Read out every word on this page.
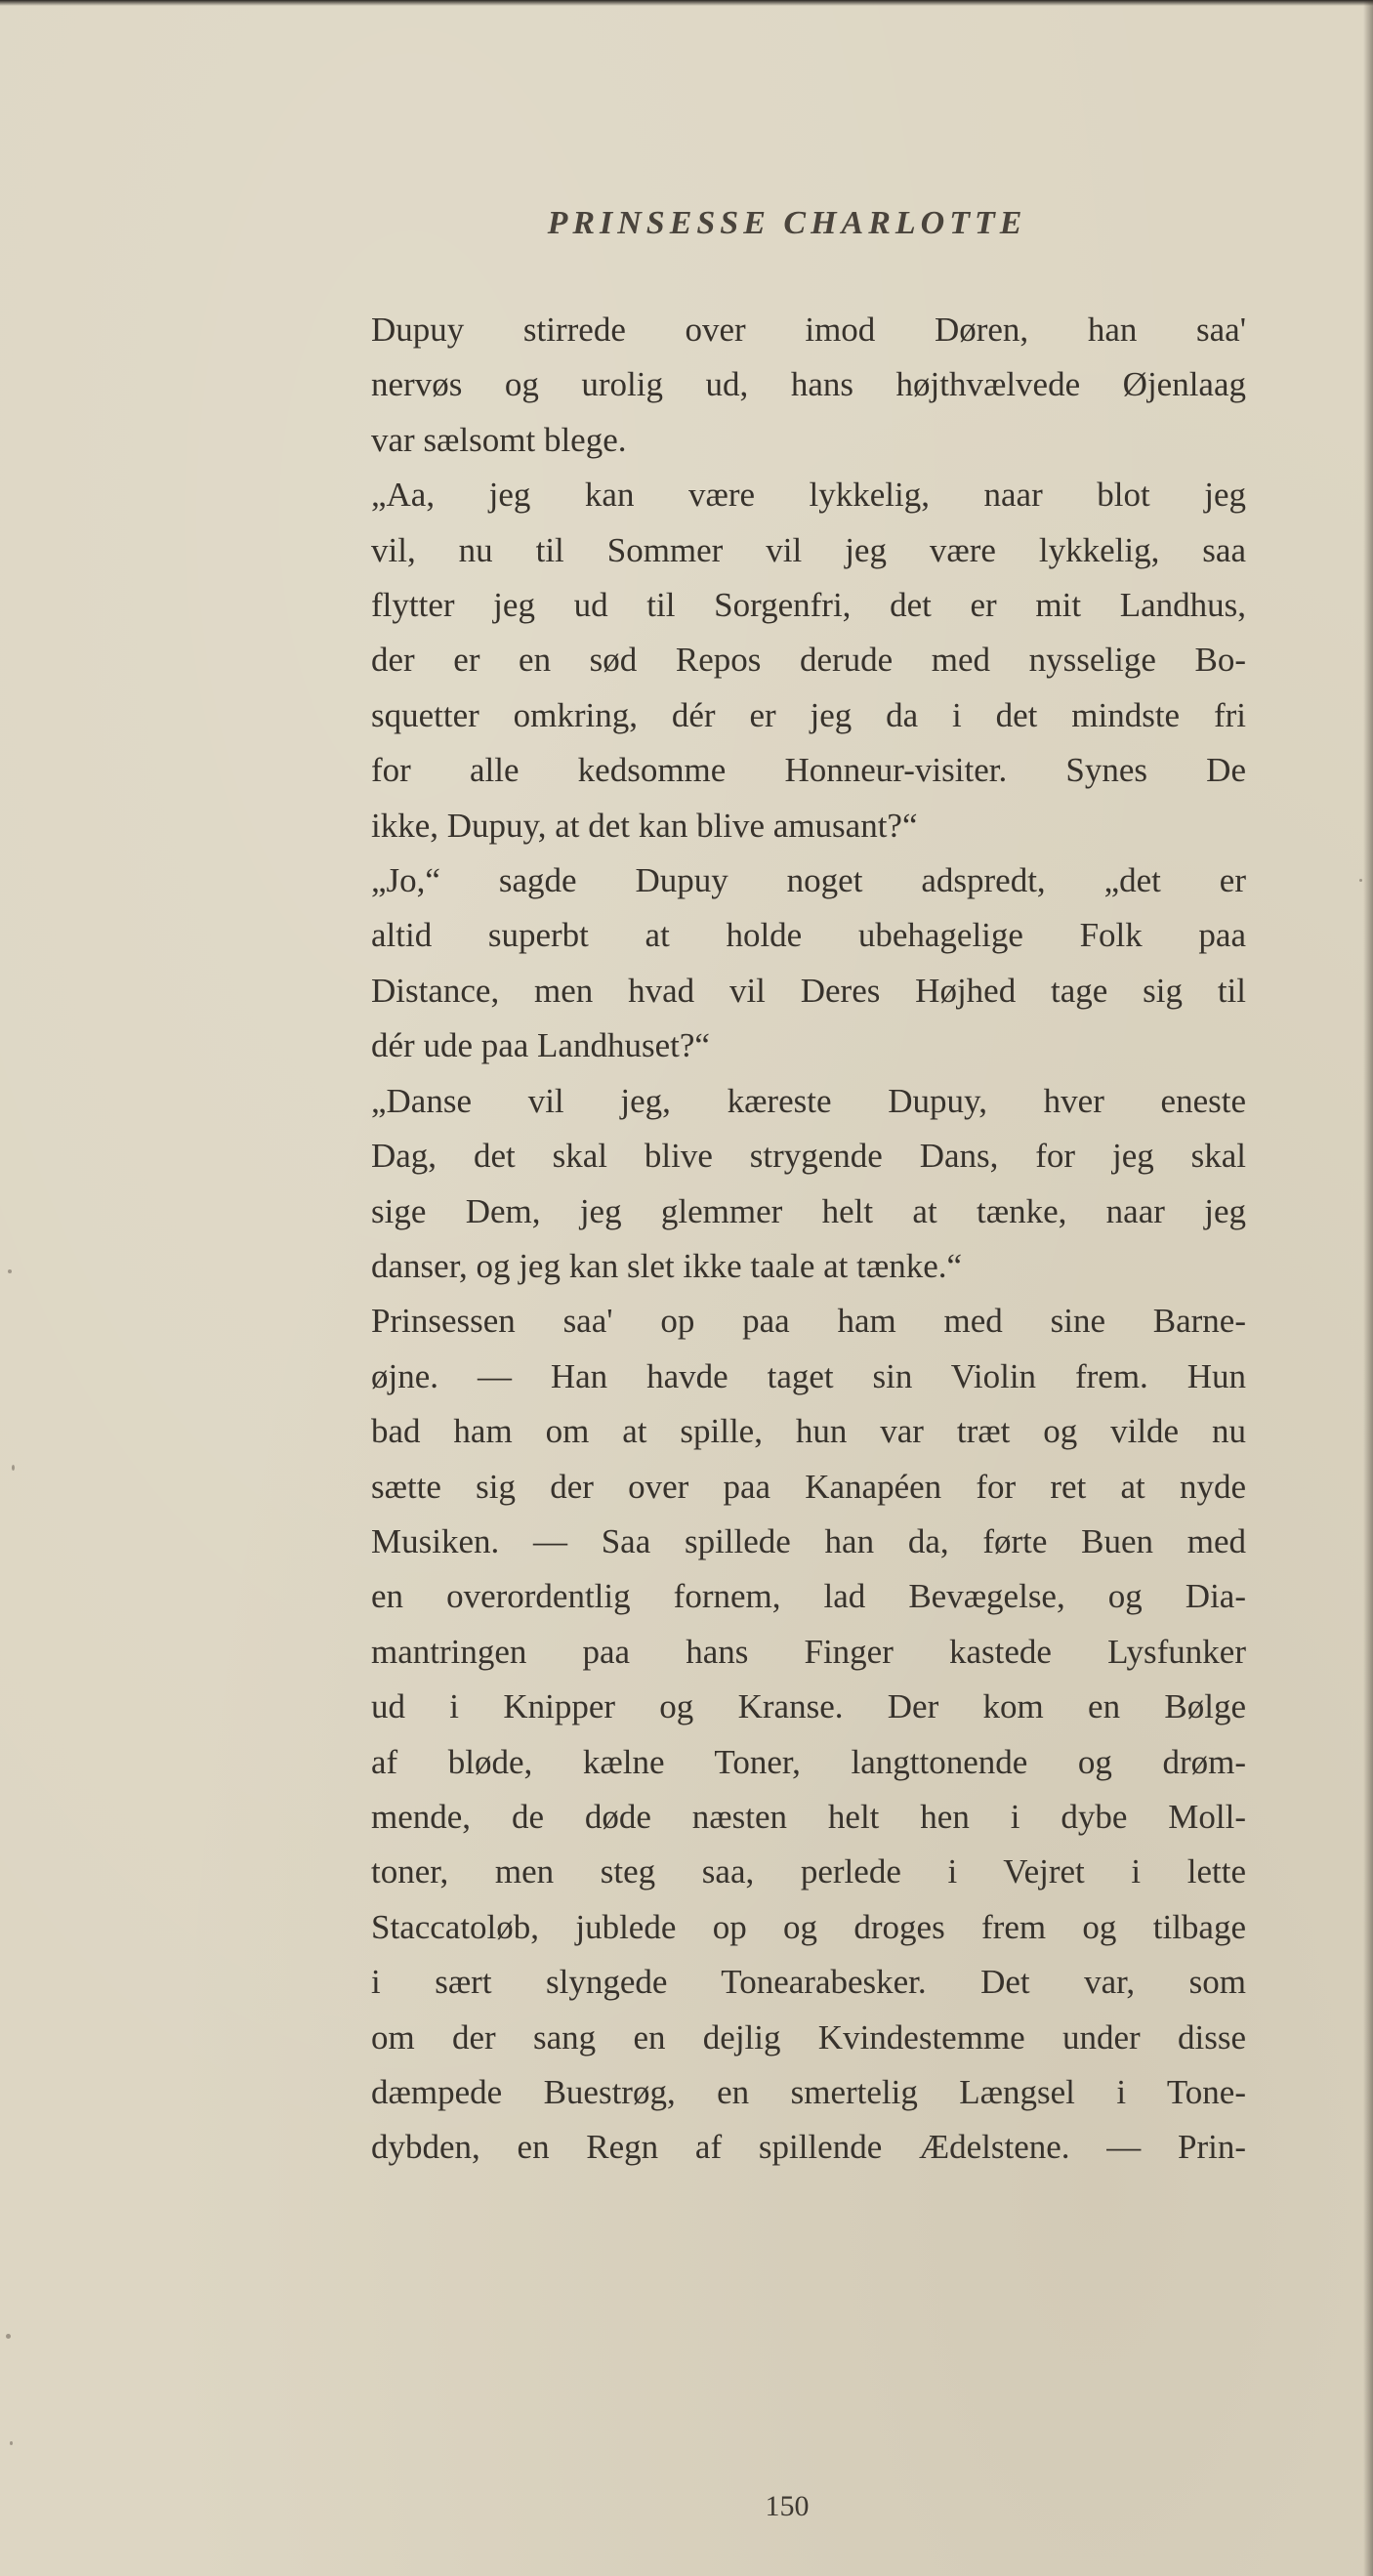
PRINSESSE CHARLOTTE

Dupuy stirrede over imod Døren, han saa'
nervøs og urolig ud, hans højthvælvede Øjenlaag
var sælsomt blege.

„Aa, jeg kan være lykkelig, naar blot jeg
vil, nu til Sommer vil jeg være lykkelig, saa
flytter jeg ud til Sorgenfri, det er mit Landhus,
der er en sød Repos derude med nysselige Bo-
squetter omkring, dér er jeg da i det mindste fri
for alle kedsomme Honneur-visiter. Synes De
ikke, Dupuy, at det kan blive amusant?“

„Jo,“ sagde Dupuy noget adspredt, „det er
altid superbt at holde ubehagelige Folk paa
Distance, men hvad vil Deres Højhed tage sig til
dér ude paa Landhuset?“

„Danse vil jeg, kæreste Dupuy, hver eneste
Dag, det skal blive strygende Dans, for jeg skal
sige Dem, jeg glemmer helt at tænke, naar jeg
danser, og jeg kan slet ikke taale at tænke.“

Prinsessen saa' op paa ham med sine Barne-
øjne. — Han havde taget sin Violin frem. Hun
bad ham om at spille, hun var træt og vilde nu
sætte sig der over paa Kanapéen for ret at nyde
Musiken. — Saa spillede han da, førte Buen med
en overordentlig fornem, lad Bevægelse, og Dia-
mantringen paa hans Finger kastede Lysfunker
ud i Knipper og Kranse. Der kom en Bølge
af bløde, kælne Toner, langttonende og drøm-
mende, de døde næsten helt hen i dybe Moll-
toner, men steg saa, perlede i Vejret i lette
Staccatoløb, jublede op og droges frem og tilbage
i sært slyngede Tonearabesker. Det var, som
om der sang en dejlig Kvindestemme under disse
dæmpede Buestrøg, en smertelig Længsel i Tone-
dybden, en Regn af spillende Ædelstene. — Prin-

150
